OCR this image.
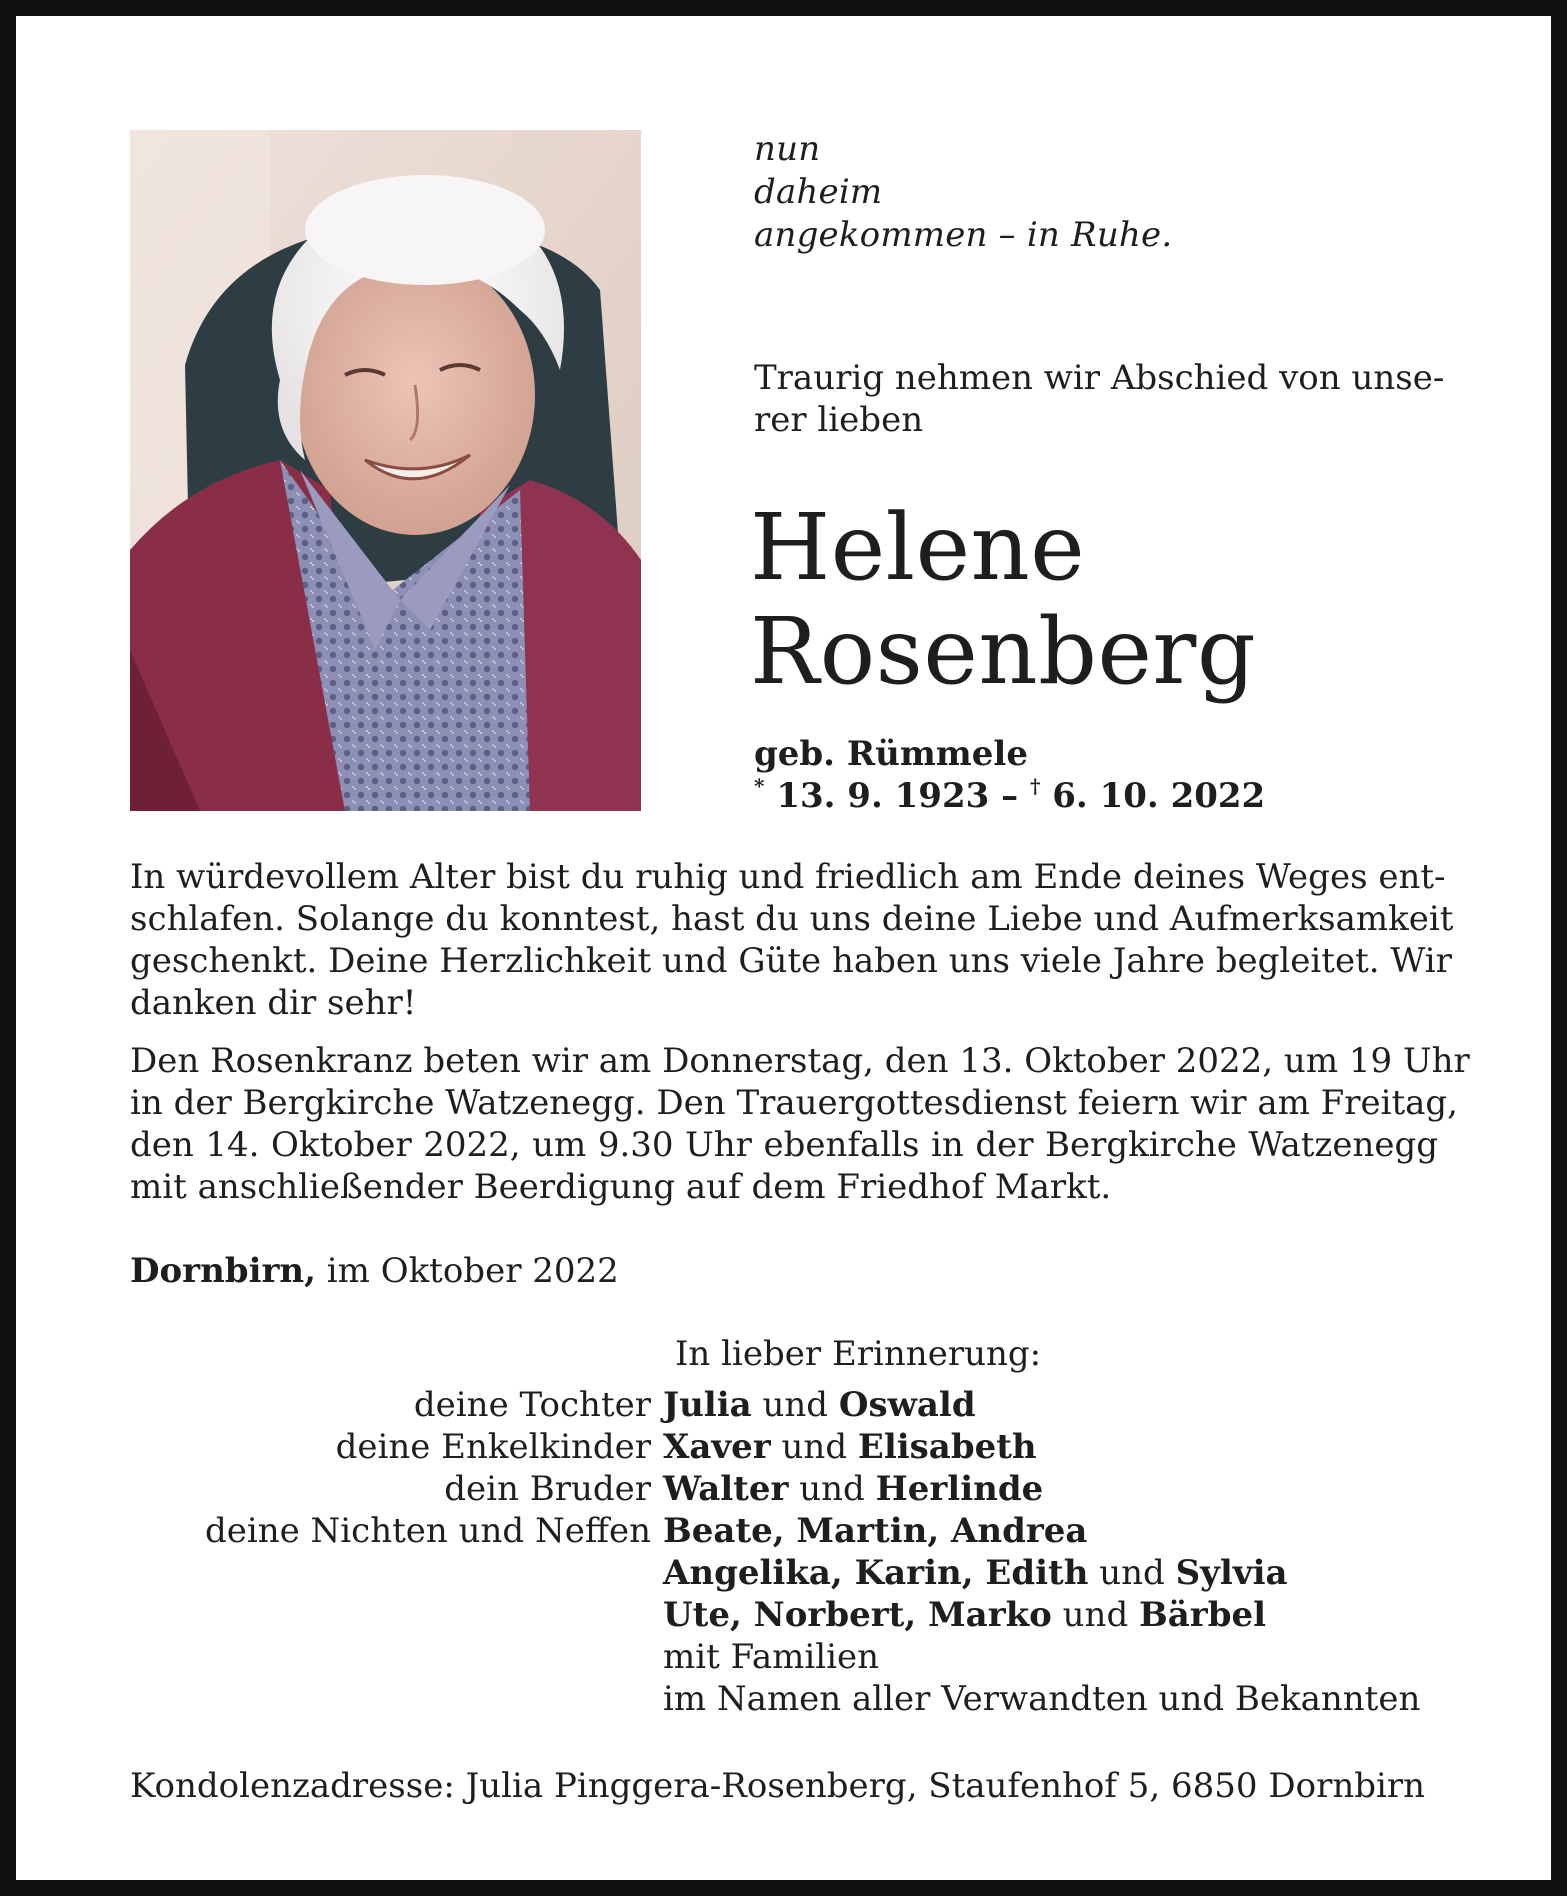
nun
daheim
angekommen – in Ruhe.
Traurig nehmen wir Abschied von unse-
rer lieben
Helene
Rosenberg
geb. Rümmele
* 13. 9. 1923 – † 6. 10. 2022
In würdevollem Alter bist du ruhig und friedlich am Ende deines Weges ent-
schlafen. Solange du konntest, hast du uns deine Liebe und Aufmerksamkeit
geschenkt. Deine Herzlichkeit und Güte haben uns viele Jahre begleitet. Wir
danken dir sehr!
Den Rosenkranz beten wir am Donnerstag, den 13. Oktober 2022, um 19 Uhr
in der Bergkirche Watzenegg. Den Trauergottesdienst feiern wir am Freitag,
den 14. Oktober 2022, um 9.30 Uhr ebenfalls in der Bergkirche Watzenegg
mit anschließender Beerdigung auf dem Friedhof Markt.
Dornbirn, im Oktober 2022
In lieber Erinnerung:
deine Tochter Julia und Oswald
deine Enkelkinder Xaver und Elisabeth
dein Bruder Walter und Herlinde
deine Nichten und Neffen Beate, Martin, Andrea
Angelika, Karin, Edith und Sylvia
Ute, Norbert, Marko und Bärbel
mit Familien
im Namen aller Verwandten und Bekannten
Kondolenzadresse: Julia Pinggera-Rosenberg, Staufenhof 5, 6850 Dornbirn
